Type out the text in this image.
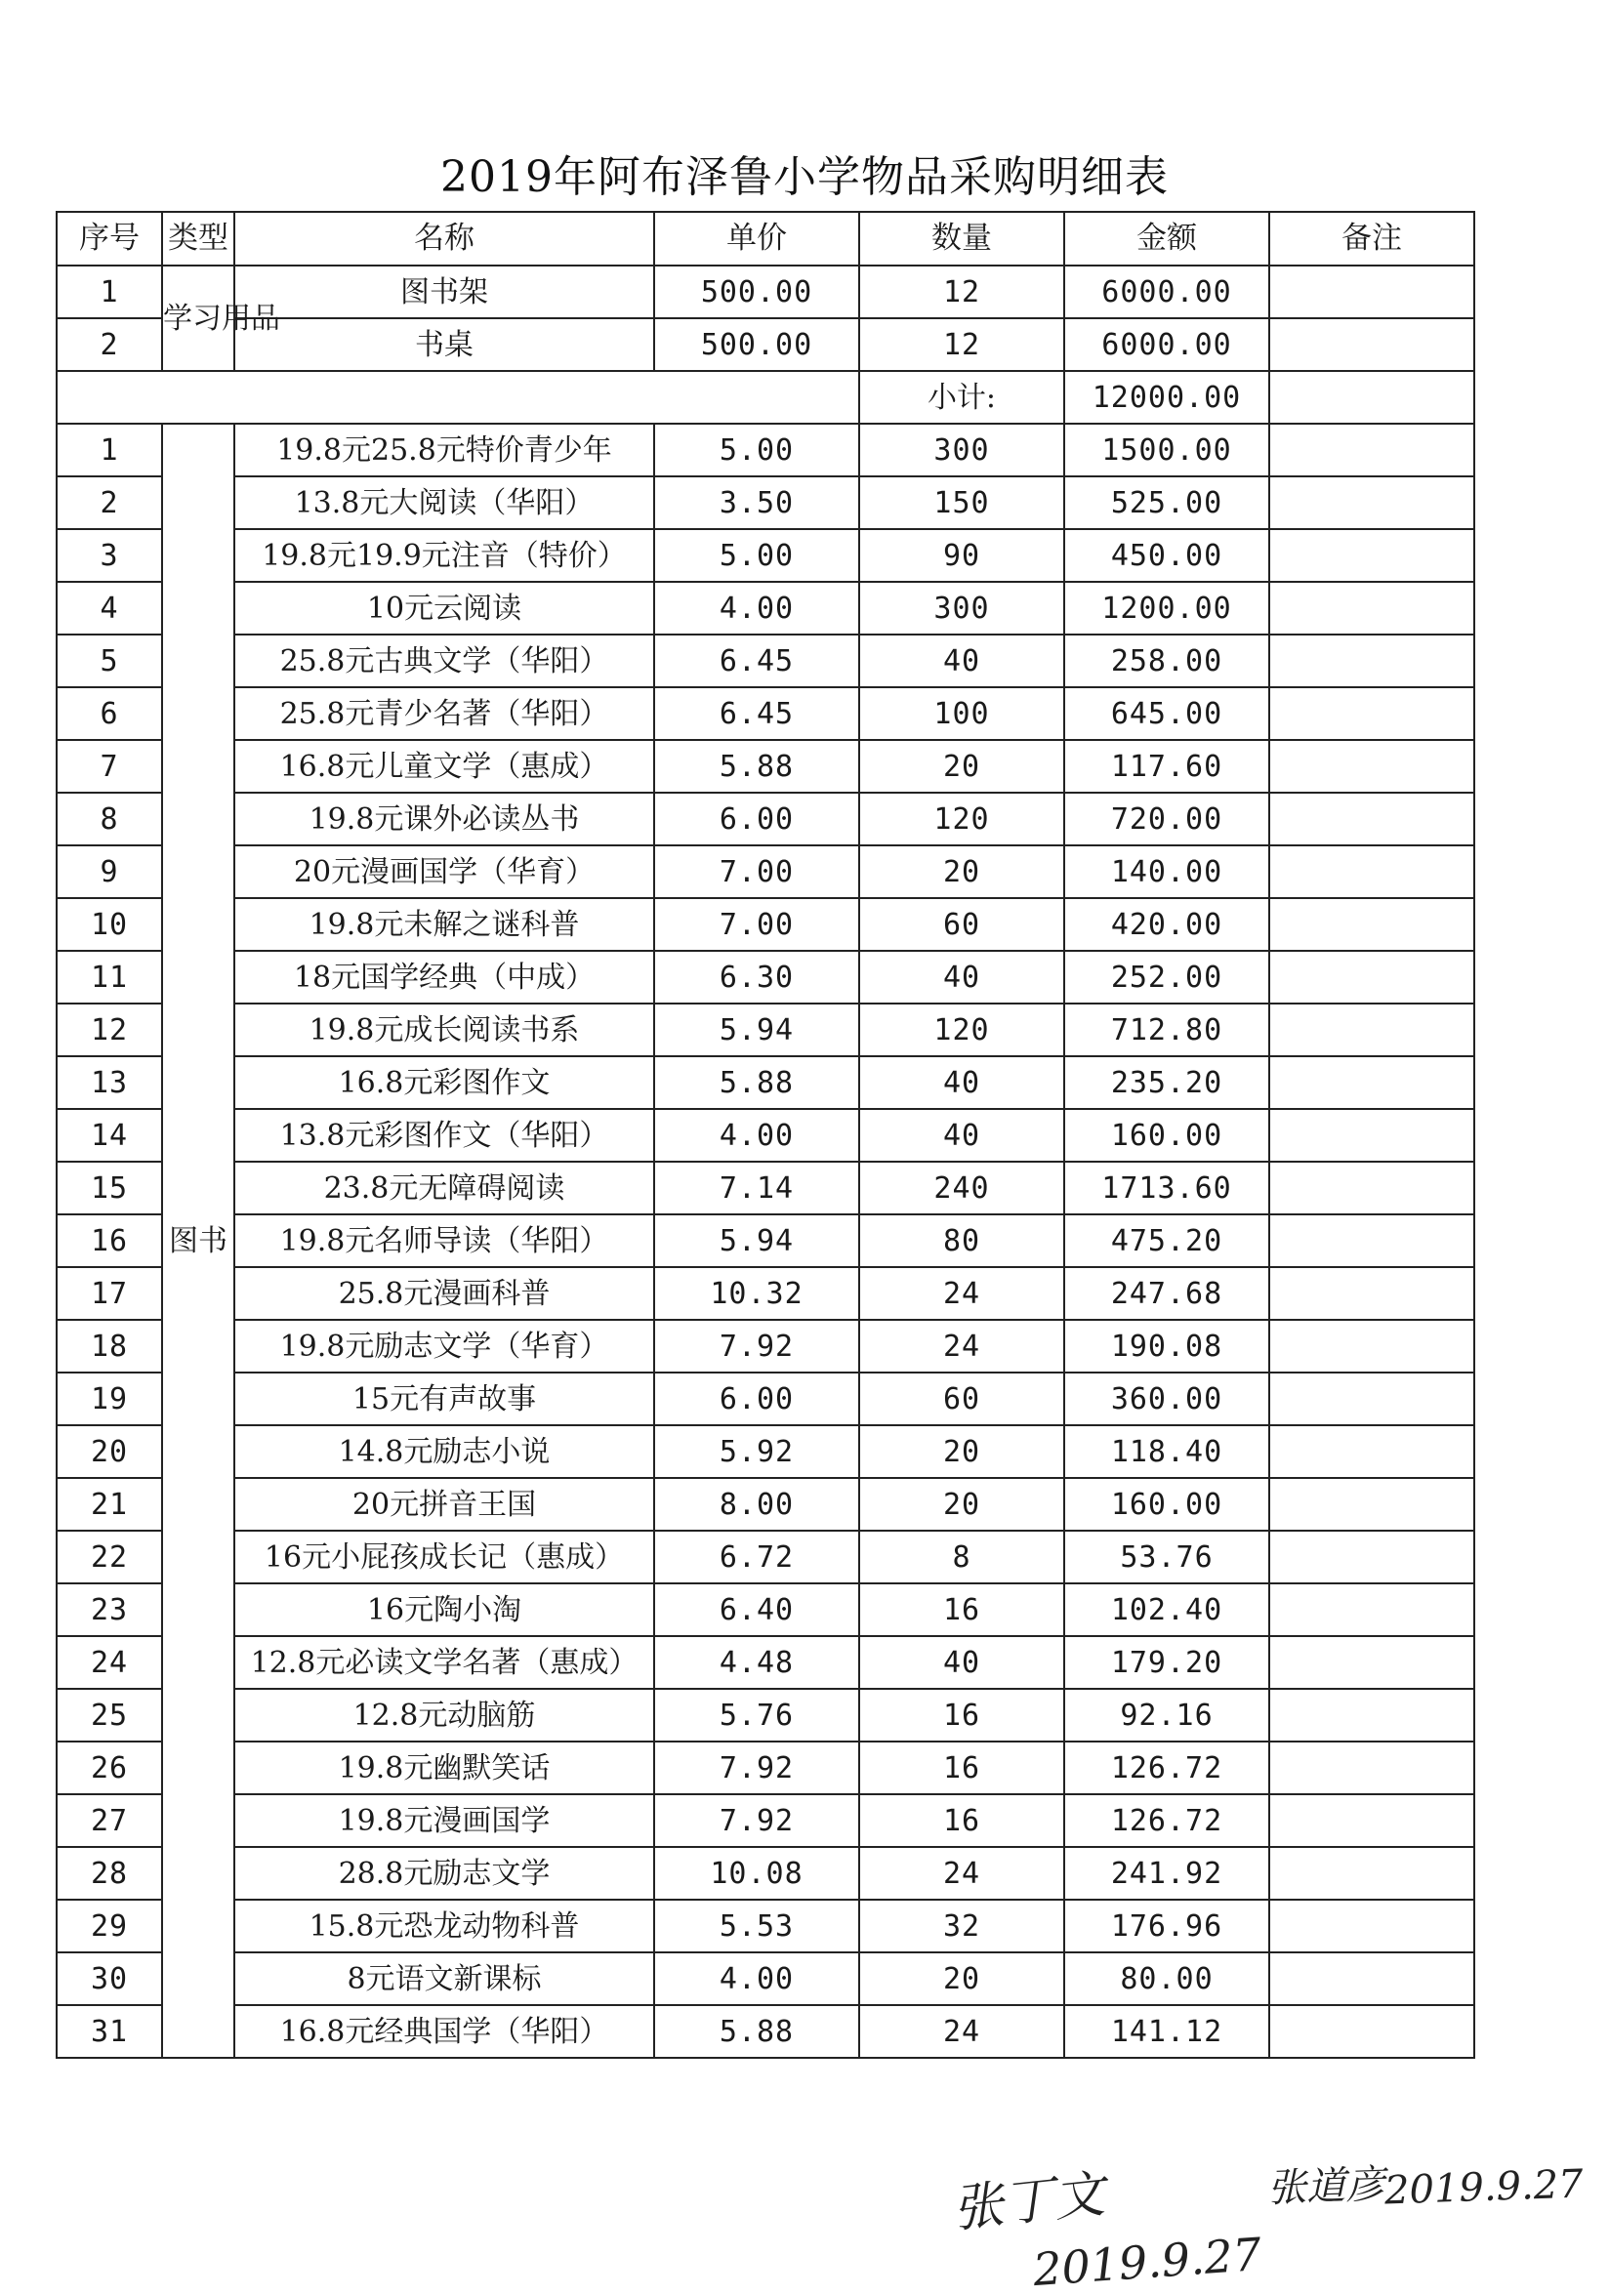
2019年阿布泽鲁小学物品采购明细表
序号	类型	名称	单价	数量	金额	备注
1	学习用品	图书架	500.00	12	6000.00	
2		书桌	500.00	12	6000.00	
				小计:	12000.00	
1	图书	19.8元25.8元特价青少年	5.00	300	1500.00	
2		13.8元大阅读（华阳）	3.50	150	525.00	
3		19.8元19.9元注音（特价）	5.00	90	450.00	
4		10元云阅读	4.00	300	1200.00	
5		25.8元古典文学（华阳）	6.45	40	258.00	
6		25.8元青少名著（华阳）	6.45	100	645.00	
7		16.8元儿童文学（惠成）	5.88	20	117.60	
8		19.8元课外必读丛书	6.00	120	720.00	
9		20元漫画国学（华育）	7.00	20	140.00	
10		19.8元未解之谜科普	7.00	60	420.00	
11		18元国学经典（中成）	6.30	40	252.00	
12		19.8元成长阅读书系	5.94	120	712.80	
13		16.8元彩图作文	5.88	40	235.20	
14		13.8元彩图作文（华阳）	4.00	40	160.00	
15		23.8元无障碍阅读	7.14	240	1713.60	
16		19.8元名师导读（华阳）	5.94	80	475.20	
17		25.8元漫画科普	10.32	24	247.68	
18		19.8元励志文学（华育）	7.92	24	190.08	
19		15元有声故事	6.00	60	360.00	
20		14.8元励志小说	5.92	20	118.40	
21		20元拼音王国	8.00	20	160.00	
22		16元小屁孩成长记（惠成）	6.72	8	53.76	
23		16元陶小淘	6.40	16	102.40	
24		12.8元必读文学名著（惠成）	4.48	40	179.20	
25		12.8元动脑筋	5.76	16	92.16	
26		19.8元幽默笑话	7.92	16	126.72	
27		19.8元漫画国学	7.92	16	126.72	
28		28.8元励志文学	10.08	24	241.92	
29		15.8元恐龙动物科普	5.53	32	176.96	
30		8元语文新课标	4.00	20	80.00	
31		16.8元经典国学（华阳）	5.88	24	141.12	
张丁文
2019.9.27
张道彦
2019.9.27
